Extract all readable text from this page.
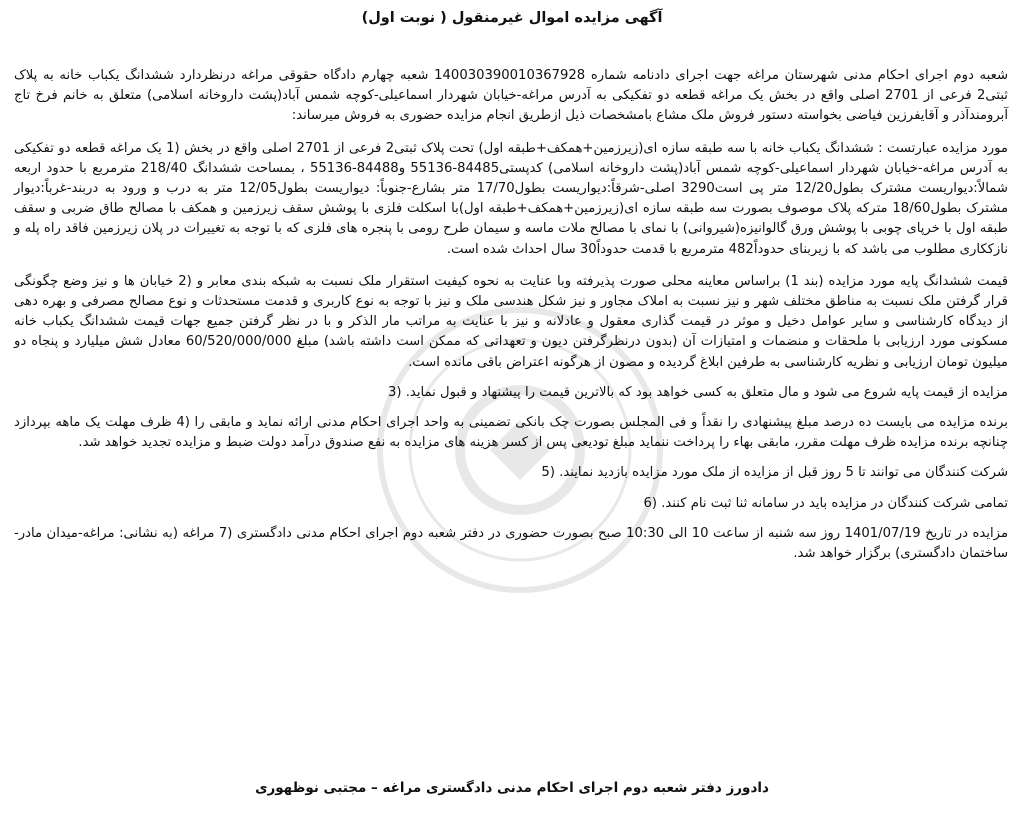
آگهی مزایده اموال غیرمنقول ( نوبت اول)

شعبه دوم اجرای احکام مدنی شهرستان مراغه جهت اجرای دادنامه شماره 140030390010367928 شعبه چهارم دادگاه حقوقی مراغه درنظردارد ششدانگ یکباب خانه به پلاک ثبتی2 فرعی از 2701 اصلی واقع در بخش یک مراغه قطعه دو تفکیکی به آدرس مراغه-خیابان شهردار اسماعیلی-کوچه شمس آباد(پشت داروخانه اسلامی) متعلق به خانم فرخ تاج آبرومندآذر و آقایفرزین فیاضی بخواسته دستور فروش ملک مشاع بامشخصات ذیل ازطریق انجام مزایده حضوری به فروش میرساند:

مورد مزایده عبارتست : ششدانگ یکباب خانه با سه طبقه سازه ای(زیرزمین+همکف+طبقه اول) تحت پلاک ثبتی2 فرعی از 2701 اصلی واقع در بخش (1 یک مراغه قطعه دو تفکیکی به آدرس مراغه-خیابان شهردار اسماعیلی-کوچه شمس آباد(پشت داروخانه اسلامی) کدپستی84485-55136 و84488-55136 ، بمساحت ششدانگ 218/40 مترمربع با حدود اربعه شمالاً:دیواریست مشترک بطول12/20 متر پی است3290 اصلی-شرقاً:دیواریست بطول17/70 متر بشارع-جنوباً: دیواریست بطول12/05 متر به درب و ورود به دربند-غرباً:دیوار مشترک بطول18/60 مترکه پلاک موصوف بصورت سه طبقه سازه ای(زیرزمین+همکف+طبقه اول)با اسکلت فلزی با پوشش سقف زیرزمین و همکف با مصالح طاق ضربی و سقف طبقه اول با خرپای چوبی با پوشش ورق گالوانیزه(شیروانی) با نمای با مصالح ملات ماسه و سیمان طرح رومی با پنجره های فلزی که با توجه به تغییرات در پلان زیرزمین فاقد راه پله و نازککاری مطلوب می باشد که با زیربنای حدوداً482 مترمربع با قدمت حدوداً30 سال احداث شده است.

قیمت ششدانگ پایه مورد مزایده (بند 1) براساس معاینه محلی صورت پذیرفته وبا عنایت به نحوه کیفیت استقرار ملک نسبت به شبکه بندی معابر و (2 خیابان ها و نیز وضع چگونگی قرار گرفتن ملک نسبت به مناطق مختلف شهر و نیز نسبت به املاک مجاور و نیز شکل هندسی ملک و نیز با توجه به نوع کاربری و قدمت مستحدثات و نوع مصالح مصرفی و بهره دهی از دیدگاه کارشناسی و سایر عوامل دخیل و موثر در قیمت گذاری معقول و عادلانه و نیز با عنایت به مراتب مار الذکر و با در نظر گرفتن جمیع جهات قیمت ششدانگ یکباب خانه مسکونی مورد ارزیابی با ملحقات و منضمات و امتیازات آن (بدون درنظرگرفتن دیون و تعهداتی که ممکن است داشته باشد) مبلغ 60/520/000/000 معادل شش میلیارد و پنجاه دو میلیون تومان ارزیابی و نظریه کارشناسی به طرفین ابلاغ گردیده و مصون از هرگونه اعتراض باقی مانده است.

مزایده از قیمت پایه شروع می شود و مال متعلق به کسی خواهد بود که بالاترین قیمت را پیشنهاد و قبول نماید. (3

برنده مزایده می بایست ده درصد مبلغ پیشنهادی را نقداً و فی المجلس بصورت چک بانکی تضمینی به واحد اجرای احکام مدنی ارائه نماید و مابقی را (4 ظرف مهلت یک ماهه بپردازد چنانچه برنده مزایده ظرف مهلت مقرر، مابقی بهاء را پرداخت ننماید مبلغ تودیعی پس از کسر هزینه های مزایده به نفع صندوق درآمد دولت ضبط و مزایده تجدید خواهد شد.

شرکت کنندگان می توانند تا 5 روز قبل از مزایده از ملک مورد مزایده بازدید نمایند. (5

تمامی شرکت کنندگان در مزایده باید در سامانه ثنا ثبت نام کنند. (6

مزایده در تاریخ 1401/07/19 روز سه شنبه از ساعت 10 الی 10:30 صبح بصورت حضوری در دفتر شعبه دوم اجرای احکام مدنی دادگستری (7 مراغه (به نشانی: مراغه-میدان مادر-ساختمان دادگستری) برگزار خواهد شد.

دادورز دفتر شعبه دوم اجرای احکام مدنی دادگستری مراغه – مجتبی نوظهوری
